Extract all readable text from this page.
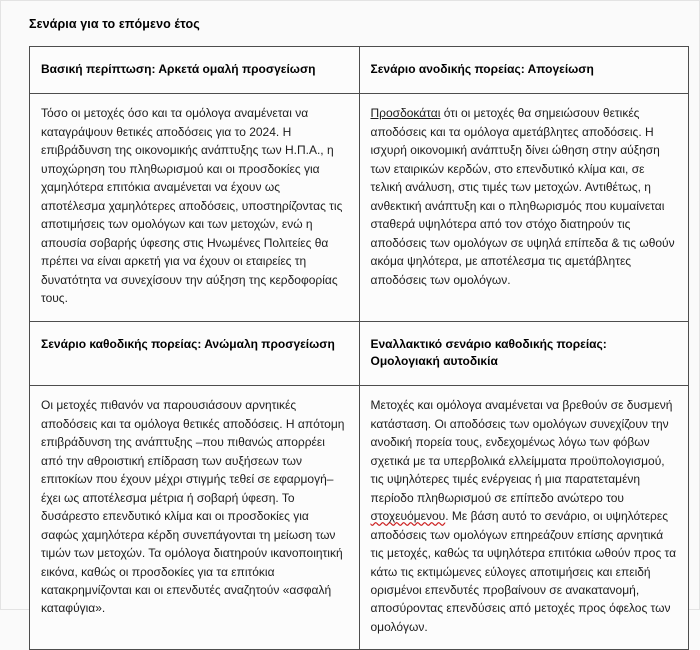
Σενάρια για το επόμενο έτος
Βασική περίπτωση: Αρκετά ομαλή προσγείωση	Σενάριο ανοδικής πορείας: Απογείωση
Τόσο οι μετοχές όσο και τα ομόλογα αναμένεται να καταγράψουν θετικές αποδόσεις για το 2024. Η επιβράδυνση της οικονομικής ανάπτυξης των Η.Π.Α., η υποχώρηση του πληθωρισμού και οι προσδοκίες για χαμηλότερα επιτόκια αναμένεται να έχουν ως αποτέλεσμα χαμηλότερες αποδόσεις, υποστηρίζοντας τις αποτιμήσεις των ομολόγων και των μετοχών, ενώ η απουσία σοβαρής ύφεσης στις Ηνωμένες Πολιτείες θα πρέπει να είναι αρκετή για να έχουν οι εταιρείες τη δυνατότητα να συνεχίσουν την αύξηση της κερδοφορίας τους.	Προσδοκάται ότι οι μετοχές θα σημειώσουν θετικές αποδόσεις και τα ομόλογα αμετάβλητες αποδόσεις. Η ισχυρή οικονομική ανάπτυξη δίνει ώθηση στην αύξηση των εταιρικών κερδών, στο επενδυτικό κλίμα και, σε τελική ανάλυση, στις τιμές των μετοχών. Αντιθέτως, η ανθεκτική ανάπτυξη και ο πληθωρισμός που κυμαίνεται σταθερά υψηλότερα από τον στόχο διατηρούν τις αποδόσεις των ομολόγων σε υψηλά επίπεδα & τις ωθούν ακόμα ψηλότερα, με αποτέλεσμα τις αμετάβλητες αποδόσεις των ομολόγων.
Σενάριο καθοδικής πορείας: Ανώμαλη προσγείωση	Εναλλακτικό σενάριο καθοδικής πορείας: Ομολογιακή αυτοδικία
Οι μετοχές πιθανόν να παρουσιάσουν αρνητικές αποδόσεις και τα ομόλογα θετικές αποδόσεις. Η απότομη επιβράδυνση της ανάπτυξης –που πιθανώς απορρέει από την αθροιστική επίδραση των αυξήσεων των επιτοκίων που έχουν μέχρι στιγμής τεθεί σε εφαρμογή– έχει ως αποτέλεσμα μέτρια ή σοβαρή ύφεση. Το δυσάρεστο επενδυτικό κλίμα και οι προσδοκίες για σαφώς χαμηλότερα κέρδη συνεπάγονται τη μείωση των τιμών των μετοχών. Τα ομόλογα διατηρούν ικανοποιητική εικόνα, καθώς οι προσδοκίες για τα επιτόκια κατακρημνίζονται και οι επενδυτές αναζητούν «ασφαλή καταφύγια».	Μετοχές και ομόλογα αναμένεται να βρεθούν σε δυσμενή κατάσταση. Οι αποδόσεις των ομολόγων συνεχίζουν την ανοδική πορεία τους, ενδεχομένως λόγω των φόβων σχετικά με τα υπερβολικά ελλείμματα προϋπολογισμού, τις υψηλότερες τιμές ενέργειας ή μια παρατεταμένη περίοδο πληθωρισμού σε επίπεδο ανώτερο του στοχευόμενου. Με βάση αυτό το σενάριο, οι υψηλότερες αποδόσεις των ομολόγων επηρεάζουν επίσης αρνητικά τις μετοχές, καθώς τα υψηλότερα επιτόκια ωθούν προς τα κάτω τις εκτιμώμενες εύλογες αποτιμήσεις και επειδή ορισμένοι επενδυτές προβαίνουν σε ανακατανομή, αποσύροντας επενδύσεις από μετοχές προς όφελος των ομολόγων.
